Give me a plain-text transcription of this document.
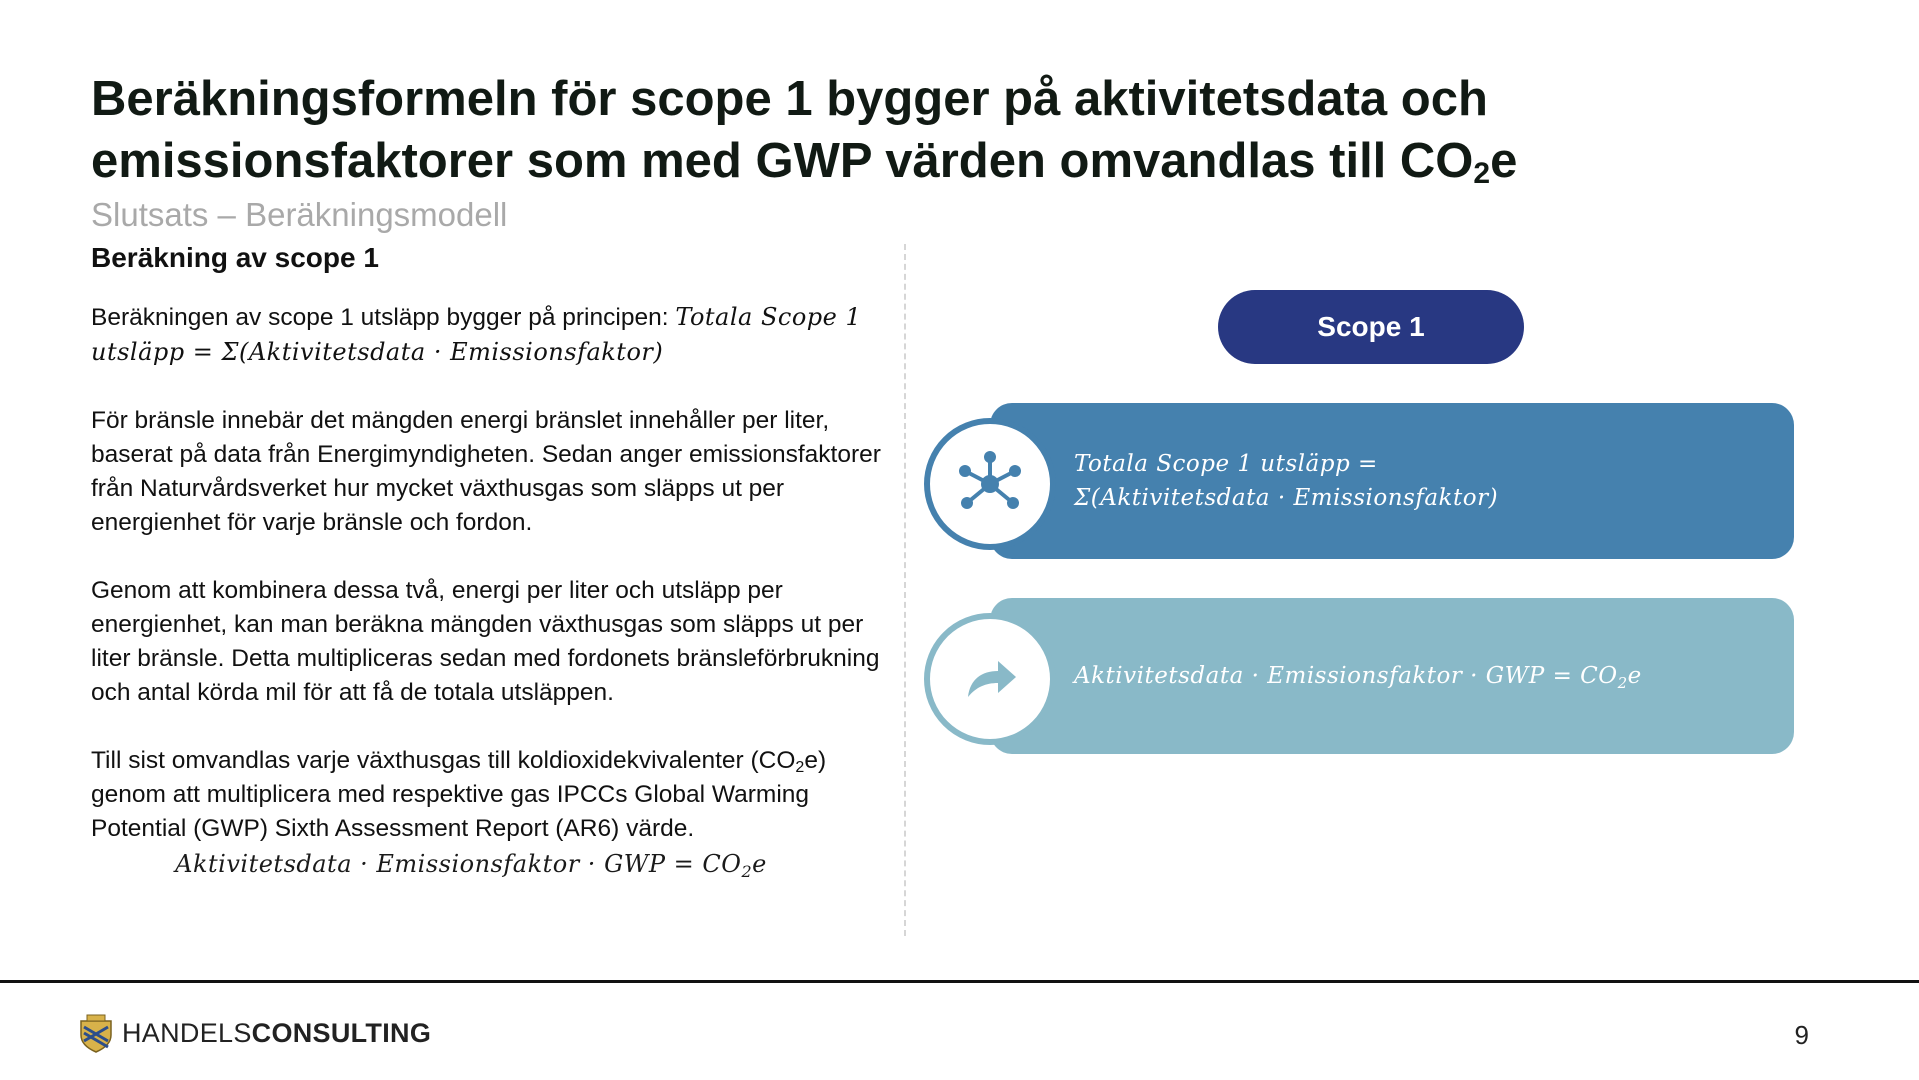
Beräkningsformeln för scope 1 bygger på aktivitetsdata och
emissionsfaktorer som med GWP värden omvandlas till $CO_2e$
Slutsats – Beräkningsmodell
Beräkning av scope 1

Beräkningen av scope 1 utsläpp bygger på principen: Totala Scope 1 utsläpp = Σ(Aktivitetsdata · Emissionsfaktor)

För bränsle innebär det mängden energi bränslet innehåller per liter, baserat på data från Energimyndigheten. Sedan anger emissionsfaktorer från Naturvårdsverket hur mycket växthusgas som släpps ut per energienhet för varje bränsle och fordon.

Genom att kombinera dessa två, energi per liter och utsläpp per energienhet, kan man beräkna mängden växthusgas som släpps ut per liter bränsle. Detta multipliceras sedan med fordonets bränsleförbrukning och antal körda mil för att få de totala utsläppen.

Till sist omvandlas varje växthusgas till koldioxidekvivalenter $(CO_2e)$ genom att multiplicera med respektive gas IPCCs Global Warming Potential (GWP) Sixth Assessment Report (AR6) värde.

Aktivitetsdata · Emissionsfaktor · GWP = $CO_2e$
Scope 1
Totala Scope 1 utsläpp =
Σ(Aktivitetsdata · Emissionsfaktor)
Aktivitetsdata · Emissionsfaktor · GWP = $CO_2e$
HANDELSCONSULTING	9
